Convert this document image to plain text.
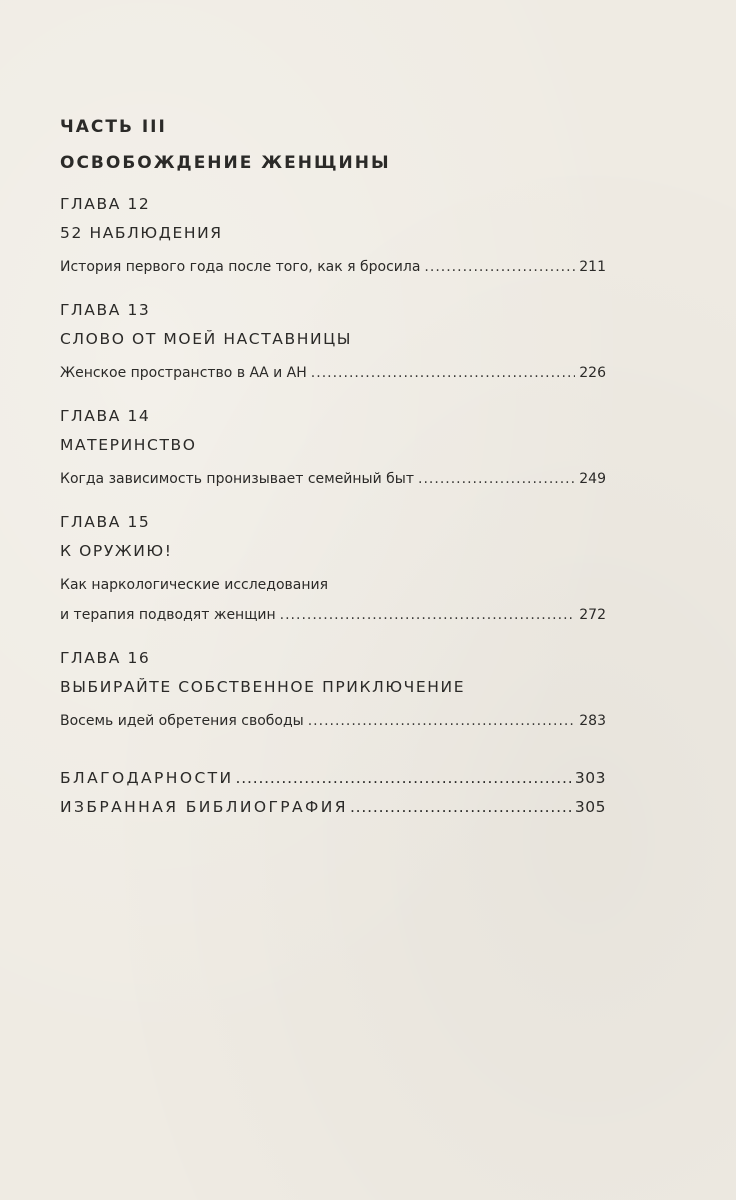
ЧАСТЬ III
ОСВОБОЖДЕНИЕ ЖЕНЩИНЫ
ГЛАВА 12
52 НАБЛЮДЕНИЯ
История первого года после того, как я бросила .....	211
ГЛАВА 13
СЛОВО ОТ МОЕЙ НАСТАВНИЦЫ
Женское пространство в АА и АН .....	226
ГЛАВА 14
МАТЕРИНСТВО
Когда зависимость пронизывает семейный быт .....	249
ГЛАВА 15
К ОРУЖИЮ!
Как наркологические исследования
и терапия подводят женщин .....	272
ГЛАВА 16
ВЫБИРАЙТЕ СОБСТВЕННОЕ ПРИКЛЮЧЕНИЕ
Восемь идей обретения свободы .....	283
БЛАГОДАРНОСТИ .....	303
ИЗБРАННАЯ БИБЛИОГРАФИЯ .....	305
